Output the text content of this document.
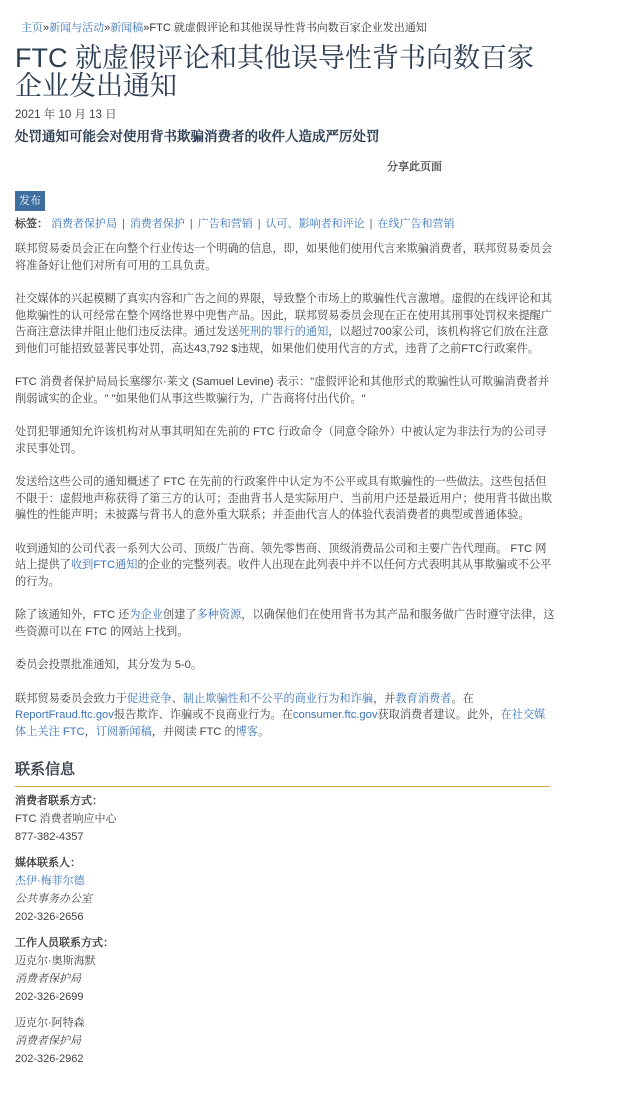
主页»新闻与活动»新闻稿»FTC 就虚假评论和其他误导性背书向数百家企业发出通知
FTC 就虚假评论和其他误导性背书向数百家企业发出通知
2021 年 10 月 13 日
处罚通知可能会对使用背书欺骗消费者的收件人造成严厉处罚
分享此页面
发布
标签： 消费者保护局 | 消费者保护 | 广告和营销 | 认可、影响者和评论 | 在线广告和营销

联邦贸易委员会正在向整个行业传达一个明确的信息，即，如果他们使用代言来欺骗消费者，联邦贸易委员会将准备好让他们对所有可用的工具负责。

社交媒体的兴起模糊了真实内容和广告之间的界限，导致整个市场上的欺骗性代言激增。虚假的在线评论和其他欺骗性的认可经常在整个网络世界中兜售产品。因此，联邦贸易委员会现在正在使用其刑事处罚权来提醒广告商注意法律并阻止他们违反法律。通过发送死刑的罪行的通知，以超过700家公司，该机构将它们放在注意到他们可能招致显著民事处罚，高达43,792 $违规，如果他们使用代言的方式，违背了之前FTC行政案件。

FTC 消费者保护局局长塞缪尔·莱文 (Samuel Levine) 表示："虚假评论和其他形式的欺骗性认可欺骗消费者并削弱诚实的企业。" "如果他们从事这些欺骗行为，广告商将付出代价。"

处罚犯罪通知允许该机构对从事其明知在先前的 FTC 行政命令（同意令除外）中被认定为非法行为的公司寻求民事处罚。

发送给这些公司的通知概述了 FTC 在先前的行政案件中认定为不公平或具有欺骗性的一些做法。这些包括但不限于：虚假地声称获得了第三方的认可；歪曲背书人是实际用户、当前用户还是最近用户；使用背书做出欺骗性的性能声明；未披露与背书人的意外重大联系；并歪曲代言人的体验代表消费者的典型或普通体验。

收到通知的公司代表一系列大公司、顶级广告商、领先零售商、顶级消费品公司和主要广告代理商。 FTC 网站上提供了收到FTC通知的企业的完整列表。收件人出现在此列表中并不以任何方式表明其从事欺骗或不公平的行为。

除了该通知外，FTC 还为企业创建了多种资源，以确保他们在使用背书为其产品和服务做广告时遵守法律，这些资源可以在 FTC 的网站上找到。

委员会投票批准通知，其分发为 5-0。

联邦贸易委员会致力于促进竞争、制止欺骗性和不公平的商业行为和诈骗，并教育消费者。在ReportFraud.ftc.gov报告欺诈、诈骗或不良商业行为。在consumer.ftc.gov获取消费者建议。此外，在社交媒体上关注 FTC，订阅新闻稿，并阅读 FTC 的博客。

联系信息
消费者联系方式：
FTC 消费者响应中心
877-382-4357
媒体联系人：
杰伊·梅菲尔德
公共事务办公室
202-326-2656
工作人员联系方式：
迈克尔·奥斯海默
消费者保护局
202-326-2699
迈克尔·阿特森
消费者保护局
202-326-2962
